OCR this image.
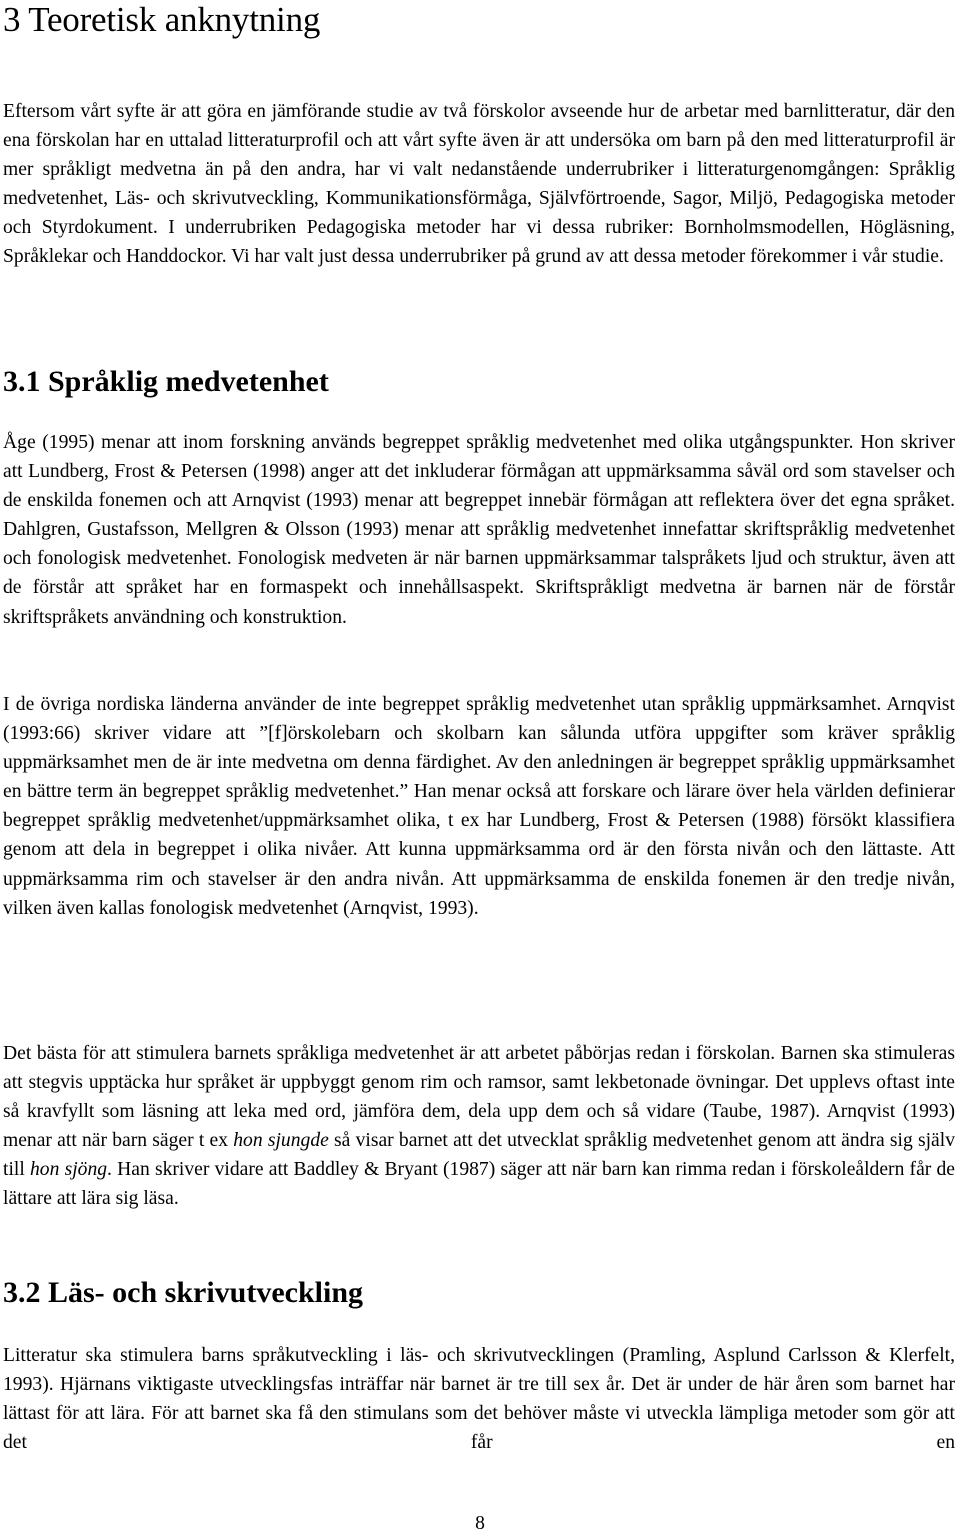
3 Teoretisk anknytning

Eftersom vårt syfte är att göra en jämförande studie av två förskolor avseende hur de arbetar med barnlitteratur, där den ena förskolan har en uttalad litteraturprofil och att vårt syfte även är att undersöka om barn på den med litteraturprofil är mer språkligt medvetna än på den andra, har vi valt nedanstående underrubriker i litteraturgenomgången: Språklig medvetenhet, Läs- och skrivutveckling, Kommunikationsförmåga, Självförtroende, Sagor, Miljö, Pedagogiska metoder och Styrdokument. I underrubriken Pedagogiska metoder har vi dessa rubriker: Bornholmsmodellen, Högläsning, Språklekar och Handdockor. Vi har valt just dessa underrubriker på grund av att dessa metoder förekommer i vår studie.

3.1 Språklig medvetenhet

Åge (1995) menar att inom forskning används begreppet språklig medvetenhet med olika utgångspunkter. Hon skriver att Lundberg, Frost & Petersen (1998) anger att det inkluderar förmågan att uppmärksamma såväl ord som stavelser och de enskilda fonemen och att Arnqvist (1993) menar att begreppet innebär förmågan att reflektera över det egna språket. Dahlgren, Gustafsson, Mellgren & Olsson (1993) menar att språklig medvetenhet innefattar skriftspråklig medvetenhet och fonologisk medvetenhet. Fonologisk medveten är när barnen uppmärksammar talspråkets ljud och struktur, även att de förstår att språket har en formaspekt och innehållsaspekt. Skriftspråkligt medvetna är barnen när de förstår skriftspråkets användning och konstruktion.

I de övriga nordiska länderna använder de inte begreppet språklig medvetenhet utan språklig uppmärksamhet. Arnqvist (1993:66) skriver vidare att ”[f]örskolebarn och skolbarn kan sålunda utföra uppgifter som kräver språklig uppmärksamhet men de är inte medvetna om denna färdighet. Av den anledningen är begreppet språklig uppmärksamhet en bättre term än begreppet språklig medvetenhet.” Han menar också att forskare och lärare över hela världen definierar begreppet språklig medvetenhet/uppmärksamhet olika, t ex har Lundberg, Frost & Petersen (1988) försökt klassifiera genom att dela in begreppet i olika nivåer. Att kunna uppmärksamma ord är den första nivån och den lättaste. Att uppmärksamma rim och stavelser är den andra nivån. Att uppmärksamma de enskilda fonemen är den tredje nivån, vilken även kallas fonologisk medvetenhet (Arnqvist, 1993).

Det bästa för att stimulera barnets språkliga medvetenhet är att arbetet påbörjas redan i förskolan. Barnen ska stimuleras att stegvis upptäcka hur språket är uppbyggt genom rim och ramsor, samt lekbetonade övningar. Det upplevs oftast inte så kravfyllt som läsning att leka med ord, jämföra dem, dela upp dem och så vidare (Taube, 1987). Arnqvist (1993) menar att när barn säger t ex hon sjungde så visar barnet att det utvecklat språklig medvetenhet genom att ändra sig själv till hon sjöng. Han skriver vidare att Baddley & Bryant (1987) säger att när barn kan rimma redan i förskoleåldern får de lättare att lära sig läsa.

3.2 Läs- och skrivutveckling

Litteratur ska stimulera barns språkutveckling i läs- och skrivutvecklingen (Pramling, Asplund Carlsson & Klerfelt, 1993). Hjärnans viktigaste utvecklingsfas inträffar när barnet är tre till sex år. Det är under de här åren som barnet har lättast för att lära. För att barnet ska få den stimulans som det behöver måste vi utveckla lämpliga metoder som gör att det får en

8
